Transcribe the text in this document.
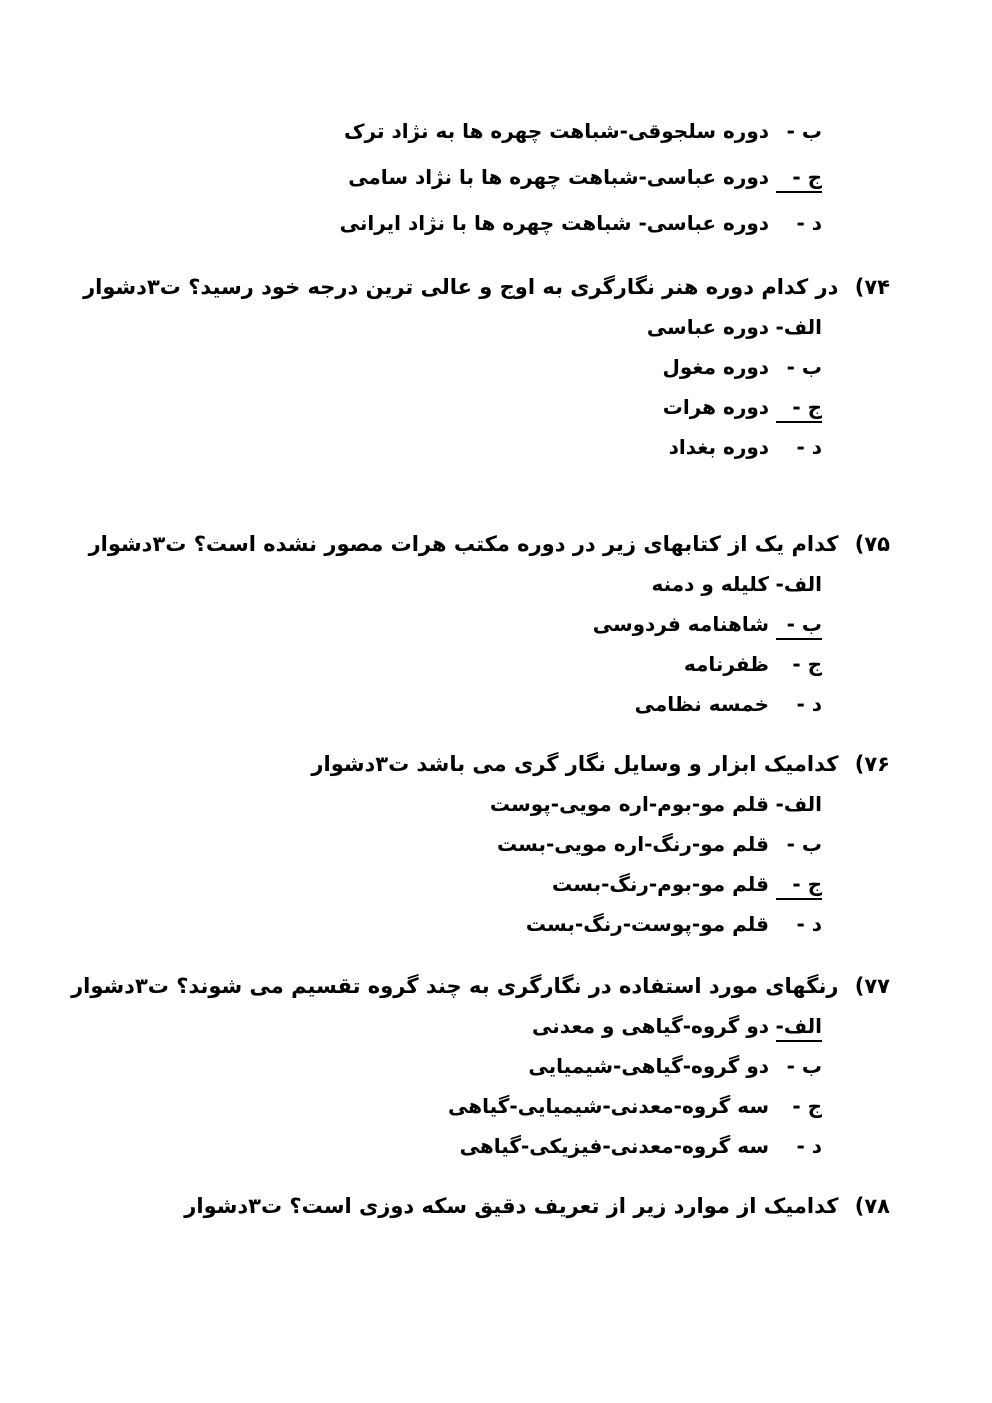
ب - دوره سلجوقی-شباهت چهره ها به نژاد ترک
ج - دوره عباسی-شباهت چهره ها با نژاد سامی
د - دوره عباسی- شباهت چهره ها با نژاد ایرانی
۷۴) در کدام دوره هنر نگارگری به اوج و عالی ترین درجه خود رسید؟ ت۳دشوار
الف- دوره عباسی
ب - دوره مغول
ج - دوره هرات
د - دوره بغداد
۷۵) کدام یک از کتابهای زیر در دوره مکتب هرات مصور نشده است؟ ت۳دشوار
الف- کلیله و دمنه
ب - شاهنامه فردوسی
ج - ظفرنامه
د - خمسه نظامی
۷۶) کدامیک ابزار و وسایل نگار گری می باشد ت۳دشوار
الف- قلم مو-بوم-اره مویی-پوست
ب - قلم مو-رنگ-اره مویی-بست
ج - قلم مو-بوم-رنگ-بست
د - قلم مو-پوست-رنگ-بست
۷۷) رنگهای مورد استفاده در نگارگری به چند گروه تقسیم می شوند؟ ت۳دشوار
الف- دو گروه-گیاهی و معدنی
ب - دو گروه-گیاهی-شیمیایی
ج - سه گروه-معدنی-شیمیایی-گیاهی
د - سه گروه-معدنی-فیزیکی-گیاهی
۷۸) کدامیک از موارد زیر از تعریف دقیق سکه دوزی است؟ ت۳دشوار
